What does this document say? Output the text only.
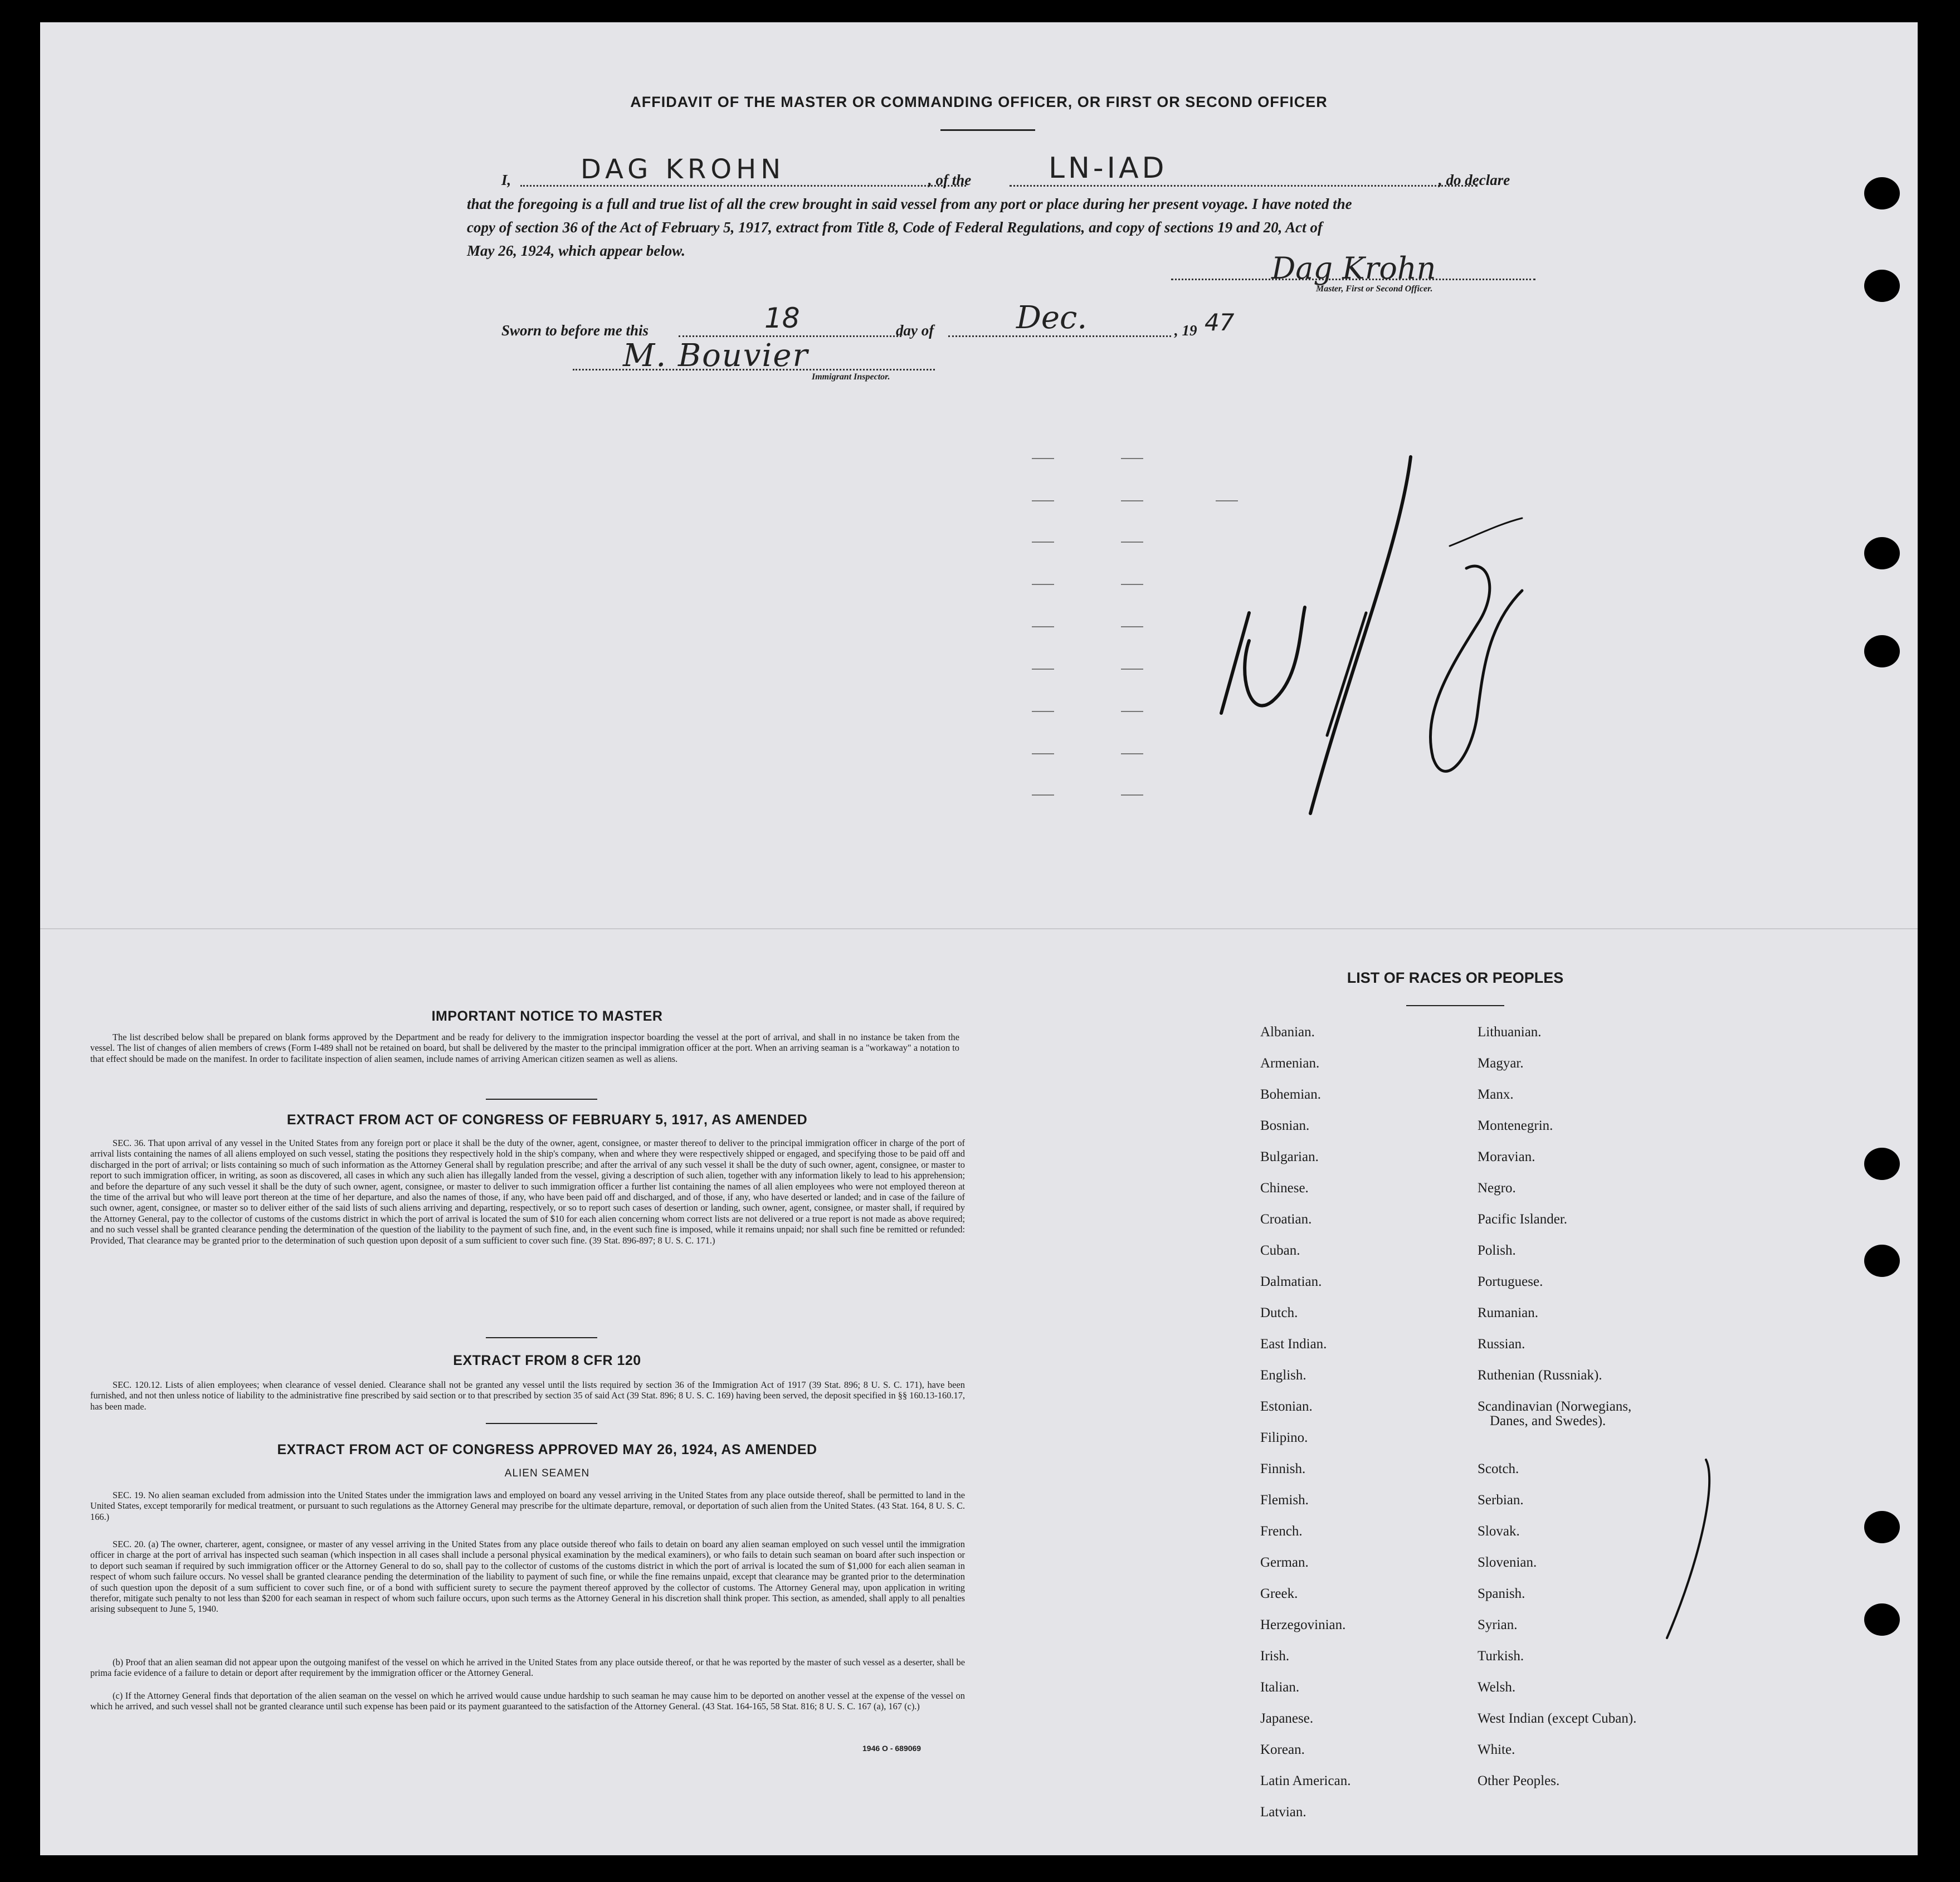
AFFIDAVIT OF THE MASTER OR COMMANDING OFFICER, OR FIRST OR SECOND OFFICER
I,	DAG KROHN	, of the	LN-IAD	, do declare
that the foregoing is a full and true list of all the crew brought in said vessel from any port or place during her present voyage. I have noted the
copy of section 36 of the Act of February 5, 1917, extract from Title 8, Code of Federal Regulations, and copy of sections 19 and 20, Act of
May 26, 1924, which appear below.	Dag Krohn
Master, First or Second Officer.
Sworn to before me this	18	day of	Dec.	, 19 47
M. Bouvier
Immigrant Inspector.
12/18
IMPORTANT NOTICE TO MASTER
The list described below shall be prepared on blank forms approved by the Department and be ready for delivery to the immigration inspector boarding the vessel at the port of arrival, and shall in no instance be taken from the vessel. The list of changes of alien members of crews (Form I-489 shall not be retained on board, but shall be delivered by the master to the principal immigration officer at the port. When an arriving seaman is a "workaway" a notation to that effect should be made on the manifest. In order to facilitate inspection of alien seamen, include names of arriving American citizen seamen as well as aliens.
EXTRACT FROM ACT OF CONGRESS OF FEBRUARY 5, 1917, AS AMENDED
SEC. 36. That upon arrival of any vessel in the United States from any foreign port or place it shall be the duty of the owner, agent, consignee, or master thereof to deliver to the principal immigration officer in charge of the port of arrival lists containing the names of all aliens employed on such vessel, stating the positions they respectively hold in the ship's company, when and where they were respectively shipped or engaged, and specifying those to be paid off and discharged in the port of arrival; or lists containing so much of such information as the Attorney General shall by regulation prescribe; and after the arrival of any such vessel it shall be the duty of such owner, agent, consignee, or master to report to such immigration officer, in writing, as soon as discovered, all cases in which any such alien has illegally landed from the vessel, giving a description of such alien, together with any information likely to lead to his apprehension; and before the departure of any such vessel it shall be the duty of such owner, agent, consignee, or master to deliver to such immigration officer a further list containing the names of all alien employees who were not employed thereon at the time of the arrival but who will leave port thereon at the time of her departure, and also the names of those, if any, who have been paid off and discharged, and of those, if any, who have deserted or landed; and in case of the failure of such owner, agent, consignee, or master so to deliver either of the said lists of such aliens arriving and departing, respectively, or so to report such cases of desertion or landing, such owner, agent, consignee, or master shall, if required by the Attorney General, pay to the collector of customs of the customs district in which the port of arrival is located the sum of $10 for each alien concerning whom correct lists are not delivered or a true report is not made as above required; and no such vessel shall be granted clearance pending the determination of the question of the liability to the payment of such fine, and, in the event such fine is imposed, while it remains unpaid; nor shall such fine be remitted or refunded: Provided, That clearance may be granted prior to the determination of such question upon deposit of a sum sufficient to cover such fine. (39 Stat. 896-897; 8 U. S. C. 171.)
EXTRACT FROM 8 CFR 120
SEC. 120.12. Lists of alien employees; when clearance of vessel denied. Clearance shall not be granted any vessel until the lists required by section 36 of the Immigration Act of 1917 (39 Stat. 896; 8 U. S. C. 171), have been furnished, and not then unless notice of liability to the administrative fine prescribed by said section or to that prescribed by section 35 of said Act (39 Stat. 896; 8 U. S. C. 169) having been served, the deposit specified in §§ 160.13-160.17, has been made.
EXTRACT FROM ACT OF CONGRESS APPROVED MAY 26, 1924, AS AMENDED
ALIEN SEAMEN
SEC. 19. No alien seaman excluded from admission into the United States under the immigration laws and employed on board any vessel arriving in the United States from any place outside thereof, shall be permitted to land in the United States, except temporarily for medical treatment, or pursuant to such regulations as the Attorney General may prescribe for the ultimate departure, removal, or deportation of such alien from the United States. (43 Stat. 164, 8 U. S. C. 166.)
SEC. 20. (a) The owner, charterer, agent, consignee, or master of any vessel arriving in the United States from any place outside thereof who fails to detain on board any alien seaman employed on such vessel until the immigration officer in charge at the port of arrival has inspected such seaman (which inspection in all cases shall include a personal physical examination by the medical examiners), or who fails to detain such seaman on board after such inspection or to deport such seaman if required by such immigration officer or the Attorney General to do so, shall pay to the collector of customs of the customs district in which the port of arrival is located the sum of $1,000 for each alien seaman in respect of whom such failure occurs. No vessel shall be granted clearance pending the determination of the liability to payment of such fine, or while the fine remains unpaid, except that clearance may be granted prior to the determination of such question upon the deposit of a sum sufficient to cover such fine, or of a bond with sufficient surety to secure the payment thereof approved by the collector of customs. The Attorney General may, upon application in writing therefor, mitigate such penalty to not less than $200 for each seaman in respect of whom such failure occurs, upon such terms as the Attorney General in his discretion shall think proper. This section, as amended, shall apply to all penalties arising subsequent to June 5, 1940.
(b) Proof that an alien seaman did not appear upon the outgoing manifest of the vessel on which he arrived in the United States from any place outside thereof, or that he was reported by the master of such vessel as a deserter, shall be prima facie evidence of a failure to detain or deport after requirement by the immigration officer or the Attorney General.
(c) If the Attorney General finds that deportation of the alien seaman on the vessel on which he arrived would cause undue hardship to such seaman he may cause him to be deported on another vessel at the expense of the vessel on which he arrived, and such vessel shall not be granted clearance until such expense has been paid or its payment guaranteed to the satisfaction of the Attorney General. (43 Stat. 164-165, 58 Stat. 816; 8 U. S. C. 167 (a), 167 (c).)
1946 O - 689069
LIST OF RACES OR PEOPLES
Albanian.
Armenian.
Bohemian.
Bosnian.
Bulgarian.
Chinese.
Croatian.
Cuban.
Dalmatian.
Dutch.
East Indian.
English.
Estonian.
Filipino.
Finnish.
Flemish.
French.
German.
Greek.
Herzegovinian.
Irish.
Italian.
Japanese.
Korean.
Latin American.
Latvian.
Lithuanian.
Magyar.
Manx.
Montenegrin.
Moravian.
Negro.
Pacific Islander.
Polish.
Portuguese.
Rumanian.
Russian.
Ruthenian (Russniak).
Scandinavian (Norwegians,
Danes, and Swedes).
Scotch.
Serbian.
Slovak.
Slovenian.
Spanish.
Syrian.
Turkish.
Welsh.
West Indian (except Cuban).
White.
Other Peoples.
